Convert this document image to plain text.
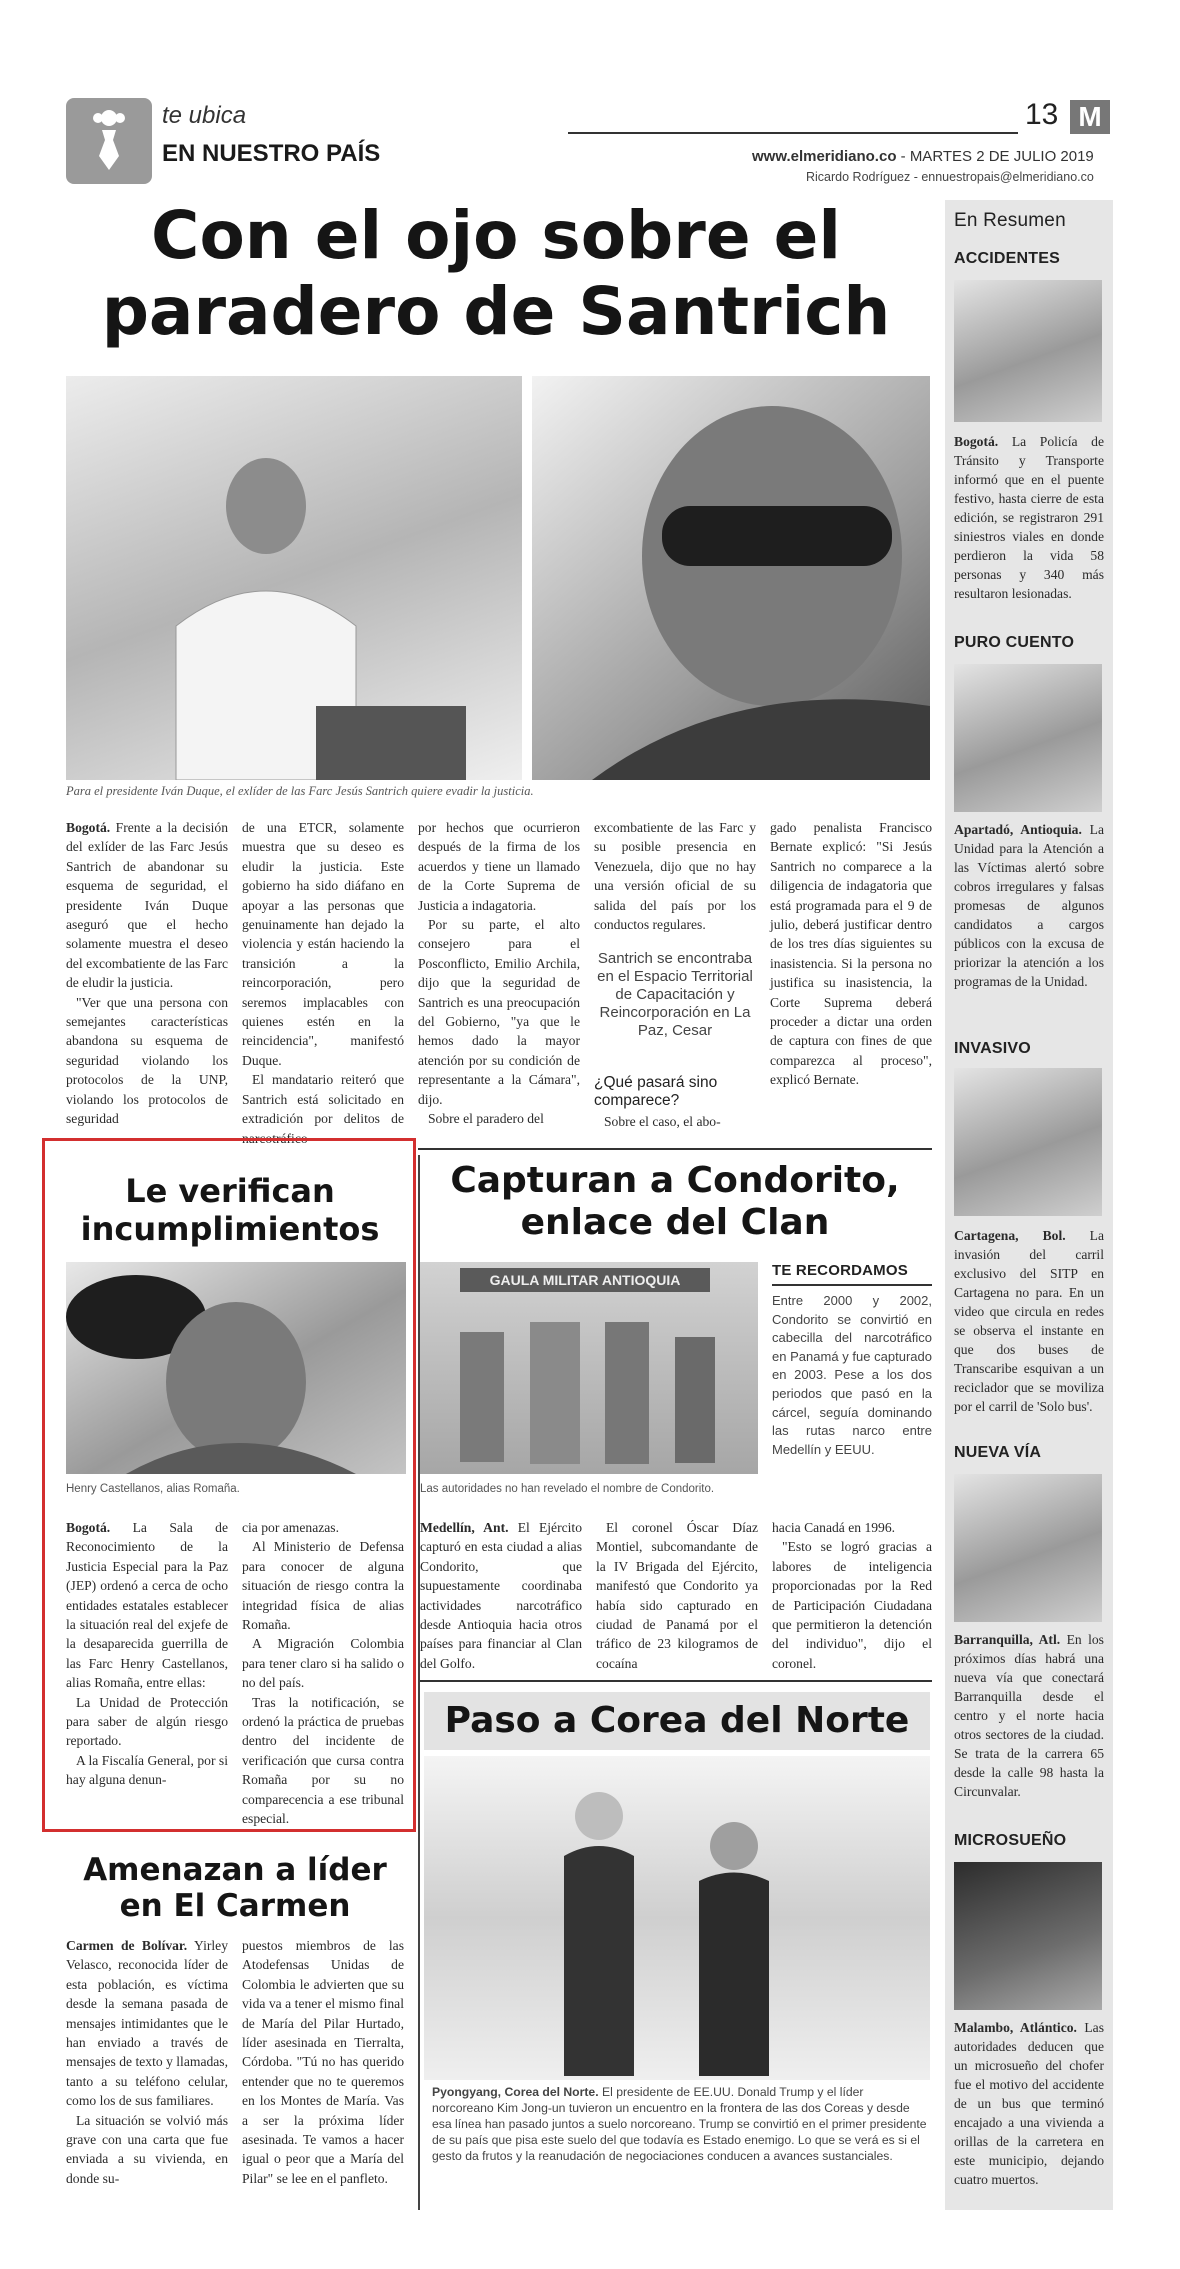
te ubica
EN NUESTRO PAÍS
13 M
www.elmeridiano.co - MARTES 2 DE JULIO 2019
Ricardo Rodríguez - ennuestropais@elmeridiano.co
En Resumen
ACCIDENTES
Bogotá. La Policía de Tránsito y Transporte informó que en el puente festivo, hasta cierre de esta edición, se registraron 291 siniestros viales en donde perdieron la vida 58 personas y 340 más resultaron lesionadas.
PURO CUENTO
Apartadó, Antioquia. La Unidad para la Atención a las Víctimas alertó sobre cobros irregulares y falsas promesas de algunos candidatos a cargos públicos con la excusa de priorizar la atención a los programas de la Unidad.
INVASIVO
Cartagena, Bol. La invasión del carril exclusivo del SITP en Cartagena no para. En un video que circula en redes se observa el instante en que dos buses de Transcaribe esquivan a un reciclador que se moviliza por el carril de 'Solo bus'.
NUEVA VÍA
Barranquilla, Atl. En los próximos días habrá una nueva vía que conectará Barranquilla desde el centro y el norte hacia otros sectores de la ciudad. Se trata de la carrera 65 desde la calle 98 hasta la Circunvalar.
MICROSUEÑO
Malambo, Atlántico. Las autoridades deducen que un microsueño del chofer fue el motivo del accidente de un bus que terminó encajado a una vivienda a orillas de la carretera en este municipio, dejando cuatro muertos.
Con el ojo sobre el
paradero de Santrich
Para el presidente Iván Duque, el exlíder de las Farc Jesús Santrich quiere evadir la justicia.

Bogotá. Frente a la decisión del exlíder de las Farc Jesús Santrich de abandonar su esquema de seguridad, el presidente Iván Duque aseguró que el hecho solamente muestra el deseo del excombatiente de las Farc de eludir la justicia.

"Ver que una persona con semejantes características abandona su esquema de seguridad violando los protocolos de la UNP, violando los protocolos de seguridad

de una ETCR, solamente muestra que su deseo es eludir la justicia. Este gobierno ha sido diáfano en apoyar a las personas que genuinamente han dejado la violencia y están haciendo la transición a la reincorporación, pero seremos implacables con quienes estén en la reincidencia", manifestó Duque.

El mandatario reiteró que Santrich está solicitado en extradición por delitos de narcotráfico

por hechos que ocurrieron después de la firma de los acuerdos y tiene un llamado de la Corte Suprema de Justicia a indagatoria.

Por su parte, el alto consejero para el Posconflicto, Emilio Archila, dijo que la seguridad de Santrich es una preocupación del Gobierno, "ya que le hemos dado la mayor atención por su condición de representante a la Cámara", dijo.

Sobre el paradero del

excombatiente de las Farc y su posible presencia en Venezuela, dijo que no hay una versión oficial de su salida del país por los conductos regulares.

Santrich se encontraba en el Espacio Territorial de Capacitación y Reincorporación en La Paz, Cesar
¿Qué pasará sino comparece?

Sobre el caso, el abo-

gado penalista Francisco Bernate explicó: "Si Jesús Santrich no comparece a la diligencia de indagatoria que está programada para el 9 de julio, deberá justificar dentro de los tres días siguientes su inasistencia. Si la persona no justifica su inasistencia, la Corte Suprema deberá proceder a dictar una orden de captura con fines de que comparezca al proceso", explicó Bernate.

Le verifican
incumplimientos
Henry Castellanos, alias Romaña.

Bogotá. La Sala de Reconocimiento de la Justicia Especial para la Paz (JEP) ordenó a cerca de ocho entidades estatales establecer la situación real del exjefe de la desaparecida guerrilla de las Farc Henry Castellanos, alias Romaña, entre ellas:

La Unidad de Protección para saber de algún riesgo reportado.

A la Fiscalía General, por si hay alguna denun-

cia por amenazas.

Al Ministerio de Defensa para conocer de alguna situación de riesgo contra la integridad física de alias Romaña.

A Migración Colombia para tener claro si ha salido o no del país.

Tras la notificación, se ordenó la práctica de pruebas dentro del incidente de verificación que cursa contra Romaña por su no comparecencia a ese tribunal especial.

Capturan a Condorito,
enlace del Clan
GAULA MILITAR ANTIOQUIA
Las autoridades no han revelado el nombre de Condorito.
TE RECORDAMOS
Entre 2000 y 2002, Condorito se convirtió en cabecilla del narcotráfico en Panamá y fue capturado en 2003. Pese a los dos periodos que pasó en la cárcel, seguía dominando las rutas narco entre Medellín y EEUU.

Medellín, Ant. El Ejército capturó en esta ciudad a alias Condorito, que supuestamente coordinaba actividades narcotráfico desde Antioquia hacia otros países para financiar al Clan del Golfo.

El coronel Óscar Díaz Montiel, subcomandante de la IV Brigada del Ejército, manifestó que Condorito ya había sido capturado en ciudad de Panamá por el tráfico de 23 kilogramos de cocaína

hacia Canadá en 1996.

"Esto se logró gracias a labores de inteligencia proporcionadas por la Red de Participación Ciudadana que permitieron la detención del individuo", dijo el coronel.

Paso a Corea del Norte
Pyongyang, Corea del Norte. El presidente de EE.UU. Donald Trump y el líder norcoreano Kim Jong-un tuvieron un encuentro en la frontera de las dos Coreas y desde esa línea han pasado juntos a suelo norcoreano. Trump se convirtió en el primer presidente de su país que pisa este suelo del que todavía es Estado enemigo. Lo que se verá es si el gesto da frutos y la reanudación de negociaciones conducen a avances sustanciales.
Amenazan a líder
en El Carmen

Carmen de Bolívar. Yirley Velasco, reconocida líder de esta población, es víctima desde la semana pasada de mensajes intimidantes que le han enviado a través de mensajes de texto y llamadas, tanto a su teléfono celular, como los de sus familiares.

La situación se volvió más grave con una carta que fue enviada a su vivienda, en donde su-

puestos miembros de las Atodefensas Unidas de Colombia le advierten que su vida va a tener el mismo final de María del Pilar Hurtado, líder asesinada en Tierralta, Córdoba. "Tú no has querido entender que no te queremos en los Montes de María. Vas a ser la próxima líder asesinada. Te vamos a hacer igual o peor que a María del Pilar" se lee en el panfleto.
